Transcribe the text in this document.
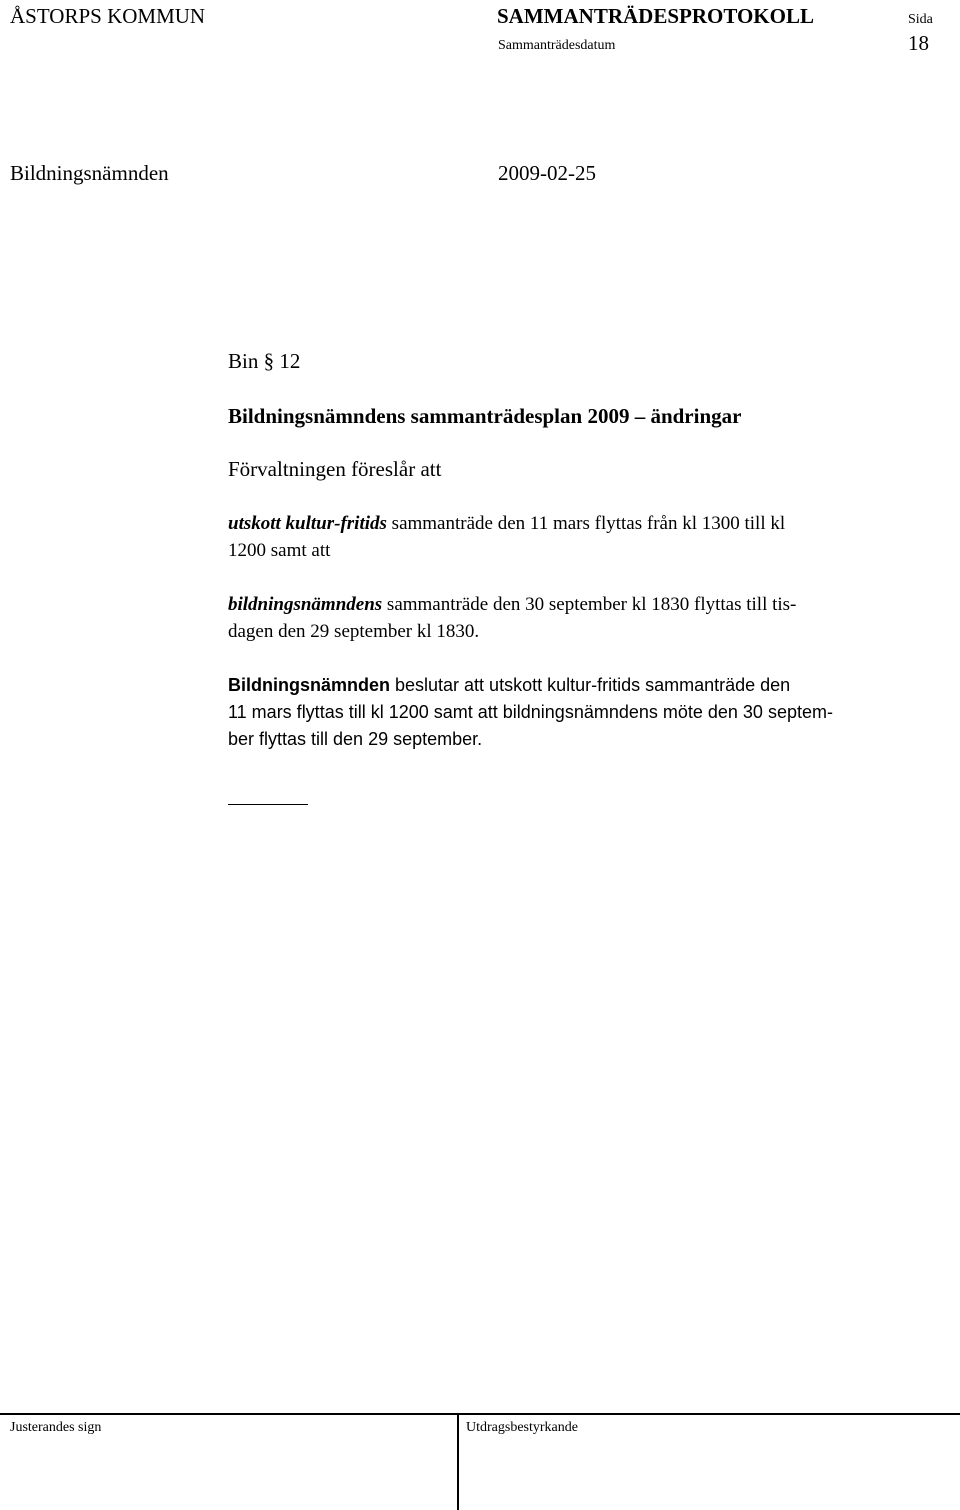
ÅSTORPS KOMMUN	SAMMANTRÄDESPROTOKOLL	Sida
Sammanträdesdatum	18
Bildningsnämnden	2009-02-25
Bin § 12
Bildningsnämndens sammanträdesplan 2009 – ändringar
Förvaltningen föreslår att
utskott kultur-fritids sammanträde den 11 mars flyttas från kl 1300 till kl
1200 samt att
bildningsnämndens sammanträde den 30 september kl 1830 flyttas till tis-
dagen den 29 september kl 1830.
Bildningsnämnden beslutar att utskott kultur-fritids sammanträde den
11 mars flyttas till kl 1200 samt att bildningsnämndens möte den 30 septem-
ber flyttas till den 29 september.
Justerandes sign	Utdragsbestyrkande
